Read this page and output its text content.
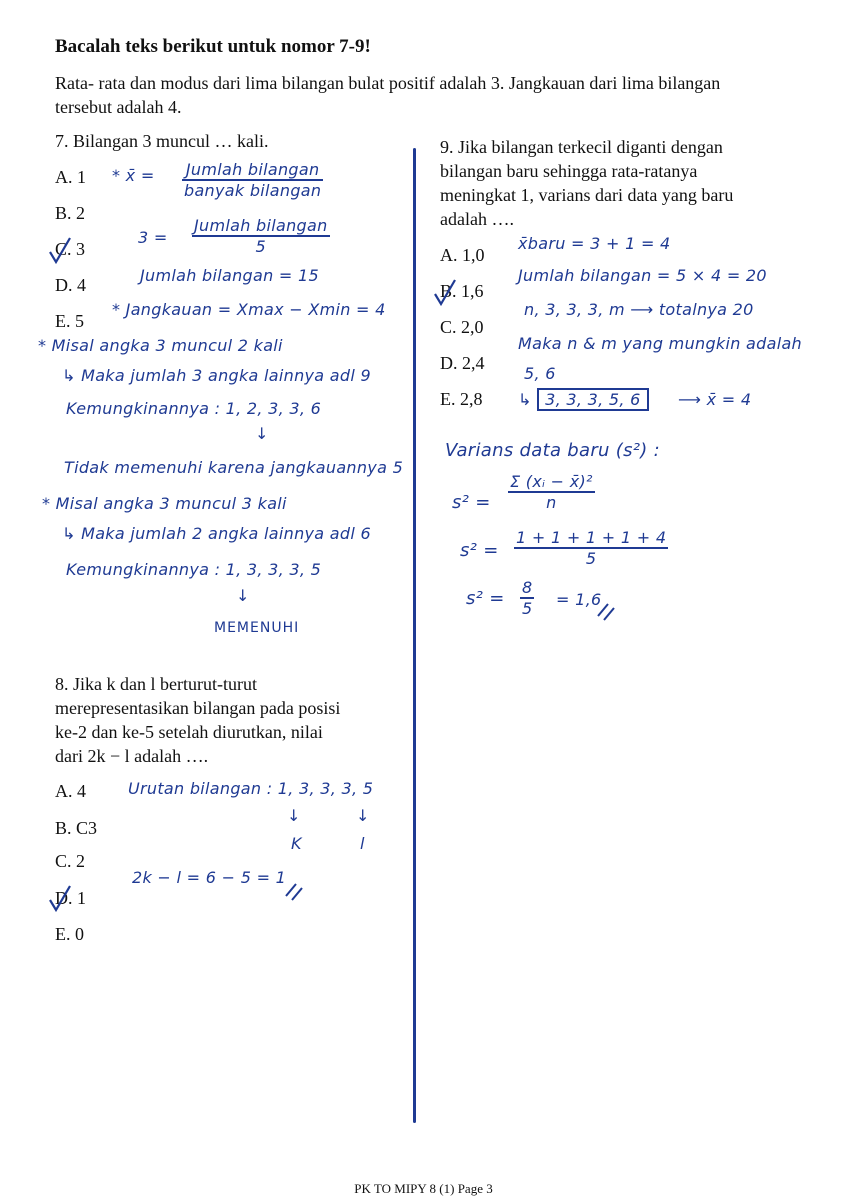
Bacalah teks berikut untuk nomor 7-9!
Rata- rata dan modus dari lima bilangan bulat positif adalah 3. Jangkauan dari lima bilangan
tersebut adalah 4.
7. Bilangan 3 muncul … kali.
A. 1
B. 2
C. 3
D. 4
E. 5
* x̄ = $\frac{\text{Jumlah bilangan}}{\text{banyak bilangan}}$
$3 = \frac{\text{Jumlah bilangan}}{5}$
Jumlah bilangan = 15
* Jangkauan = Xmax − Xmin = 4
* Misal angka 3 muncul 2 kali
↳ Maka jumlah 3 angka lainnya adl 9
Kemungkinannya : 1, 2, 3, 3, 6
↓
Tidak memenuhi karena jangkauannya 5
* Misal angka 3 muncul 3 kali
↳ Maka jumlah 2 angka lainnya adl 6
Kemungkinannya : 1, 3, 3, 3, 5
↓
MEMENUHI
8. Jika k dan l berturut-turut
merepresentasikan bilangan pada posisi
ke-2 dan ke-5 setelah diurutkan, nilai
dari 2k − l adalah ….
A. 4
B. C3
C. 2
D. 1
E. 0
Urutan bilangan : 1, 3, 3, 3, 5
↓	↓
K	l
2k − l = 6 − 5 = 1
9. Jika bilangan terkecil diganti dengan
bilangan baru sehingga rata-ratanya
meningkat 1, varians dari data yang baru
adalah ….
A. 1,0
B. 1,6
C. 2,0
D. 2,4
E. 2,8
x̄baru = 3 + 1 = 4
Jumlah bilangan = 5 × 4 = 20
n, 3, 3, 3, m ⟶ totalnya 20
Maka n & m yang mungkin adalah
5, 6
↳ 3, 3, 3, 5, 6	⟶ x̄ = 4
Varians data baru (s²) :
$s^2 = \frac{\text{Σ (xᵢ − x̄)²}}{n}$
$s^2 = \frac{1 + 1 + 1 + 1 + 4}{5}$
$s^2 = \frac{8}{5} = 1,6$
PK TO MIPY 8 (1) Page 3
